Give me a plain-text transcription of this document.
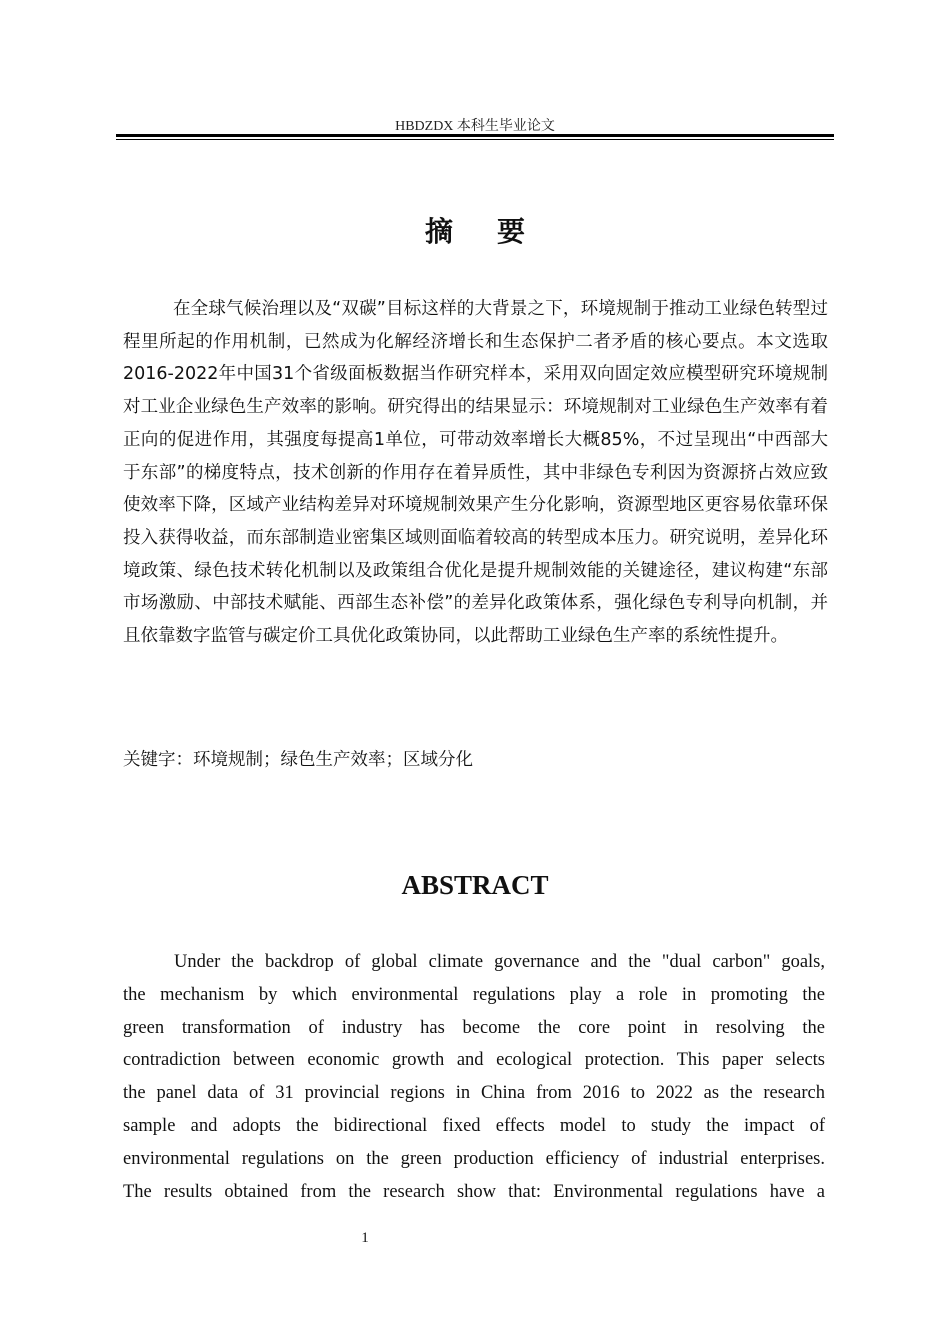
HBDZDX 本科生毕业论文
摘要

在全球气候治理以及“双碳”目标这样的大背景之下，环境规制于推动工业绿色转型过程里所起的作用机制，已然成为化解经济增长和生态保护二者矛盾的核心要点。本文选取2016-2022年中国31个省级面板数据当作研究样本，采用双向固定效应模型研究环境规制对工业企业绿色生产效率的影响。研究得出的结果显示：环境规制对工业绿色生产效率有着正向的促进作用，其强度每提高1单位，可带动效率增长大概85%，不过呈现出“中西部大于东部”的梯度特点，技术创新的作用存在着异质性，其中非绿色专利因为资源挤占效应致使效率下降，区域产业结构差异对环境规制效果产生分化影响，资源型地区更容易依靠环保投入获得收益，而东部制造业密集区域则面临着较高的转型成本压力。研究说明，差异化环境政策、绿色技术转化机制以及政策组合优化是提升规制效能的关键途径，建议构建“东部市场激励、中部技术赋能、西部生态补偿”的差异化政策体系，强化绿色专利导向机制，并且依靠数字监管与碳定价工具优化政策协同，以此帮助工业绿色生产率的系统性提升。

关键字：环境规制；绿色生产效率；区域分化
ABSTRACT
Under the backdrop of global climate governance and the "dual carbon" goals,
the mechanism by which environmental regulations play a role in promoting the
green transformation of industry has become the core point in resolving the
contradiction between economic growth and ecological protection. This paper selects
the panel data of 31 provincial regions in China from 2016 to 2022 as the research
sample and adopts the bidirectional fixed effects model to study the impact of
environmental regulations on the green production efficiency of industrial enterprises.
The results obtained from the research show that: Environmental regulations have a
1
